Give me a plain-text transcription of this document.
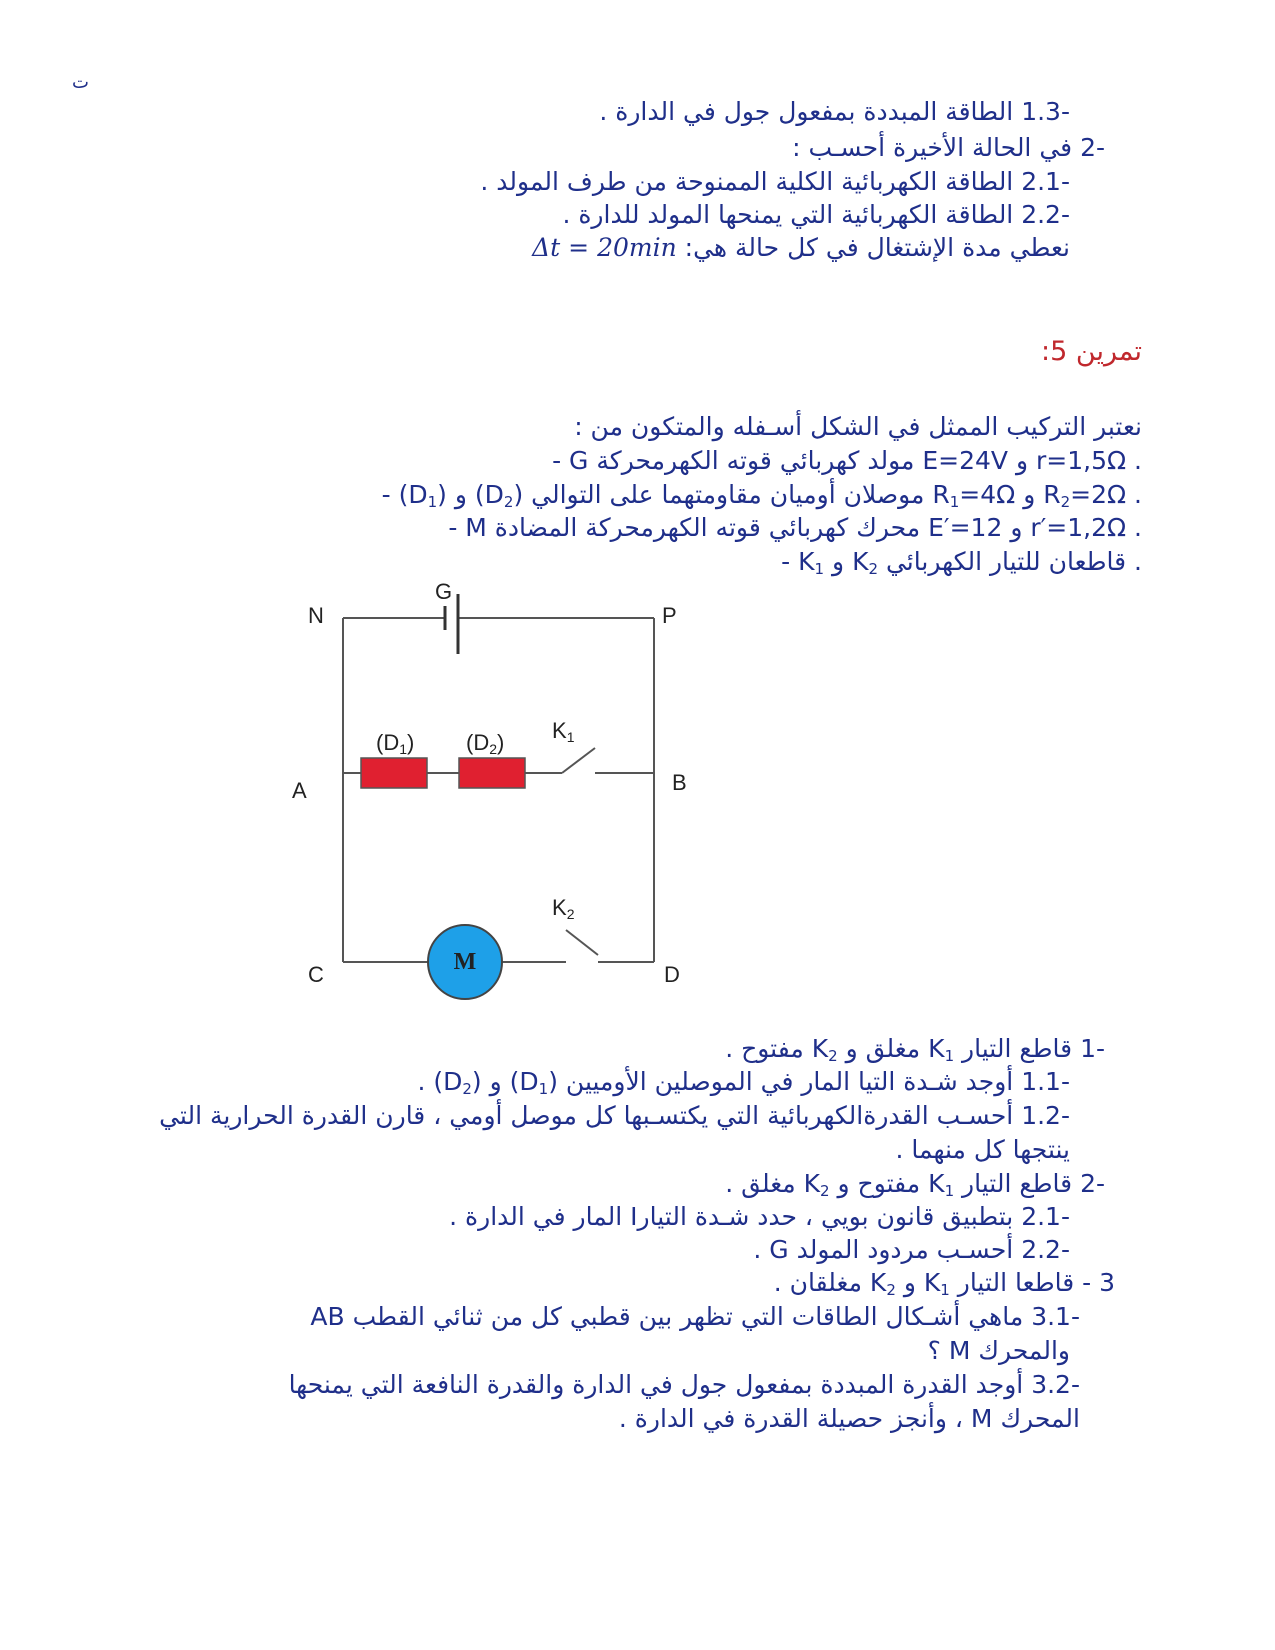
ت
-1.3 الطاقة المبددة بمفعول جول في الدارة .
-2 في الحالة الأخيرة أحسـب :
-2.1 الطاقة الكهربائية الكلية الممنوحة من طرف المولد .
-2.2 الطاقة الكهربائية التي يمنحها المولد للدارة .
نعطي مدة الإشتغال في كل حالة هي: Δt = 20min
تمرين 5:
نعتبر التركيب الممثل في الشكل أسـفله والمتكون من :
- G مولد كهربائي قوته الكهرمحركة E=24V و r=1,5Ω .
- $(D_1)$ و $(D_2)$ موصلان أوميان مقاومتهما على التوالي $R_1=4\Omega$ و $R_2=2\Omega$ .
- M محرك كهربائي قوته الكهرمحركة المضادة E′=12 و r′=1,2Ω .
- $K_1$ و $K_2$ قاطعان للتيار الكهربائي .
M
G
N	P
A	B
C	D
(D1) (D2) K1
K2
-1 قاطع التيار $K_1$ مغلق و $K_2$ مفتوح .
-1.1 أوجد شـدة التيا المار في الموصلين الأوميين $(D_1)$ و $(D_2)$ .
-1.2 أحسـب القدرةالكهربائية التي يكتسـبها كل موصل أومي ، قارن القدرة الحرارية التي
ينتجها كل منهما .
-2 قاطع التيار $K_1$ مفتوح و $K_2$ مغلق .
-2.1 بتطبيق قانون بويي ، حدد شـدة التيارI المار في الدارة .
-2.2 أحسـب مردود المولد G .
3 - قاطعا التيار $K_1$ و $K_2$ مغلقان .
-3.1 ماهي أشـكال الطاقات التي تظهر بين قطبي كل من ثنائي القطب AB
والمحرك M ؟
-3.2 أوجد القدرة المبددة بمفعول جول في الدارة والقدرة النافعة التي يمنحها
المحرك M ، وأنجز حصيلة القدرة في الدارة .
